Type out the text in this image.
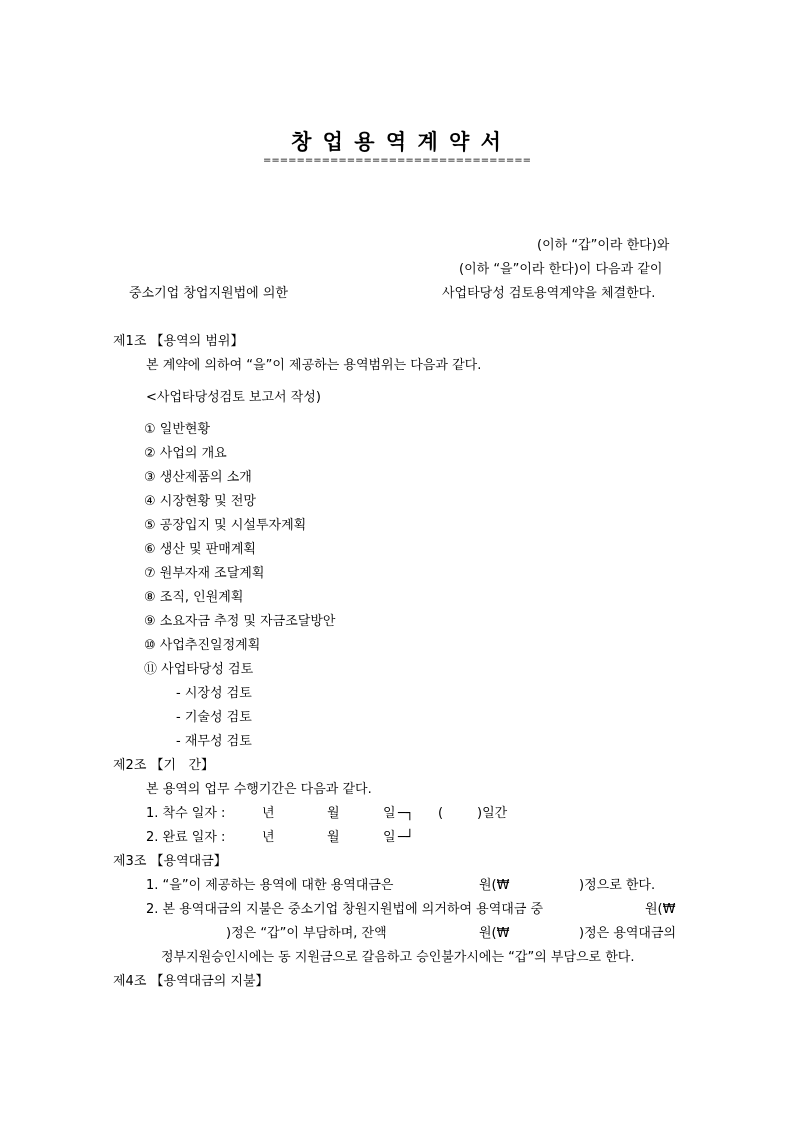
창 업 용 역 계 약 서
================================
(이하 “갑”이라 한다)와
(이하 “을”이라 한다)이 다음과 같이
중소기업 창업지원법에 의한	사업타당성 검토용역계약을 체결한다.
제1조 【용역의 범위】
본 계약에 의하여 “을”이 제공하는 용역범위는 다음과 같다.
<사업타당성검토 보고서 작성)
① 일반현황
② 사업의 개요
③ 생산제품의 소개
④ 시장현황 및 전망
⑤ 공장입지 및 시설투자계획
⑥ 생산 및 판매계획
⑦ 원부자재 조달계획
⑧ 조직, 인원계획
⑨ 소요자금 추정 및 자금조달방안
⑩ 사업추진일정계획
⑪ 사업타당성 검토
- 시장성 검토
- 기술성 검토
- 재무성 검토
제2조 【기   간】
본 용역의 업무 수행기간은 다음과 같다.
1. 착수 일자 :	년	월	일 ─┐ (	)일간
2. 완료 일자 :	년	월	일 ─┘
제3조 【용역대금】
1. “을”이 제공하는 용역에 대한 용역대금은	원(₩	)정으로 한다.
2. 본 용역대금의 지불은 중소기업 창원지원법에 의거하여 용역대금 중	원(₩
)정은 “갑”이 부담하며, 잔액	원(₩	)정은 용역대금의
정부지원승인시에는 동 지원금으로 갈음하고 승인불가시에는 “갑”의 부담으로 한다.
제4조 【용역대금의 지불】
